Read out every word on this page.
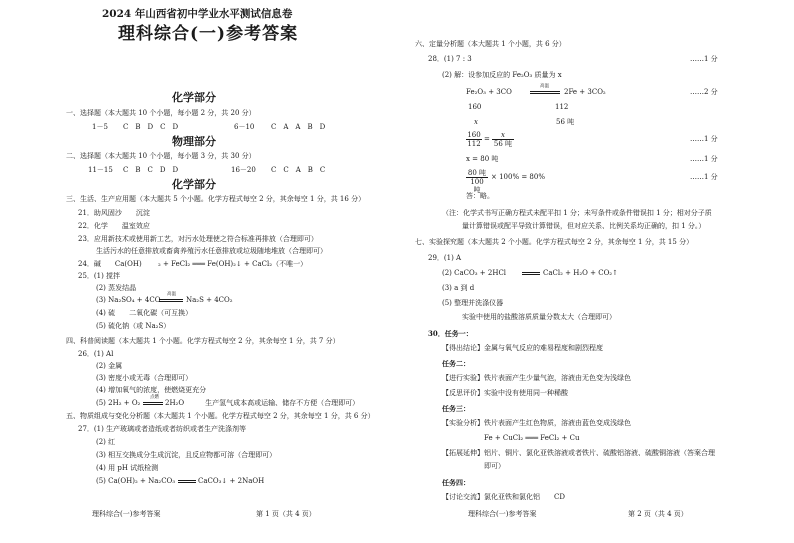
2024 年山西省初中学业水平测试信息卷
理科综合(一)参考答案
化学部分
一、选择题（本大题共 10 个小题，每小题 2 分，共 20 分）
1－5 C　B　D　C　D	6－10 C　A　A　B　D
物理部分
二、选择题（本大题共 10 个小题，每小题 3 分，共 30 分）
11－15 C　B　C　D　D	16－20 C　C　A　B　C
化学部分
三、生活、生产应用题（本大题共 5 个小题。化学方程式每空 2 分，其余每空 1 分，共 16 分）
21．助风固沙　　沉淀
22．化学　　温室效应
23．应用新技术或使用新工艺，对污水处理使之符合标准再排放（合理即可）
生活污水的任意排放或畜禽养殖污水任意排放或垃圾随地堆放（合理即可）
24．碱　　Ca(OH) ₂ + FeCl₂ ═══ Fe(OH)₂↓ + CaCl₂（不唯一）
25．(1) 搅拌
(2) 蒸发结晶
(3) Na₂SO₄ + 4CO
高温
Na₂S + 4CO₂
(4) 硫　　二氧化碳（可互换）
(5) 硫化钠（或 Na₂S）
四、科普阅读题（本大题共 1 个小题。化学方程式每空 2 分，其余每空 1 分，共 7 分）
26．(1) Al
(2) 金属
(3) 密度小或无毒（合理即可）
(4) 增加氧气的浓度，使燃烧更充分
(5) 2H₂ + O₂
点燃
2H₂O　　　生产氢气成本高或运输、储存不方便（合理即可）
五、物质组成与变化分析题（本大题共 1 个小题。化学方程式每空 2 分，其余每空 1 分，共 6 分）
27．(1) 生产玻璃或者造纸或者纺织或者生产洗涤剂等
(2) 红
(3) 相互交换成分生成沉淀，且反应物都可溶（合理即可）
(4) 用 pH 试纸检测
(5) Ca(OH)₂ + Na₂CO₃	CaCO₃↓ + 2NaOH
理科综合(一)参考答案	第 1 页（共 4 页）
六、定量分析题（本大题共 1 个小题，共 6 分）
28．(1) 7 : 3	……1 分
(2) 解：设参加反应的 Fe₂O₃ 质量为 x
Fe₂O₃ + 3CO
高温
2Fe + 3CO₂	……2 分
160	112
x	56 吨
$\frac{160}{112}$ =	x
56 吨
……1 分
x = 80 吨	……1 分
80 吨
100 吨
× 100% = 80%	……1 分
答：略。
（注：化学式书写正确方程式未配平扣 1 分；未写条件或条件错误扣 1 分；相对分子质
量计算错误或配平导致计算错误，但对应关系、比例关系均正确的，扣 1 分。）
七、实验探究题（本大题共 2 个小题。化学方程式每空 2 分，其余每空 1 分，共 15 分）
29．(1) A
(2) CaCO₃ + 2HCl	CaCl₂ + H₂O + CO₂↑
(3) a 到 d
(5) 整理并洗涤仪器
实验中使用的盐酸溶质质量分数太大（合理即可）
30．任务一：
【得出结论】金属与氧气反应的难易程度和剧烈程度
任务二：
【进行实验】铁片表面产生少量气泡，溶液由无色变为浅绿色
【反思评价】实验中没有使用同一种稀酸
任务三：
【实验分析】铁片表面产生红色物质，溶液由蓝色变成浅绿色
Fe + CuCl₂ ═══ FeCl₂ + Cu
【拓展延伸】铝片、铜片、氯化亚铁溶液或者铁片、硫酸铝溶液、硫酸铜溶液（答案合理
即可）
任务四：
【讨论交流】氯化亚铁和氯化铝　　CD
理科综合(一)参考答案	第 2 页（共 4 页）
